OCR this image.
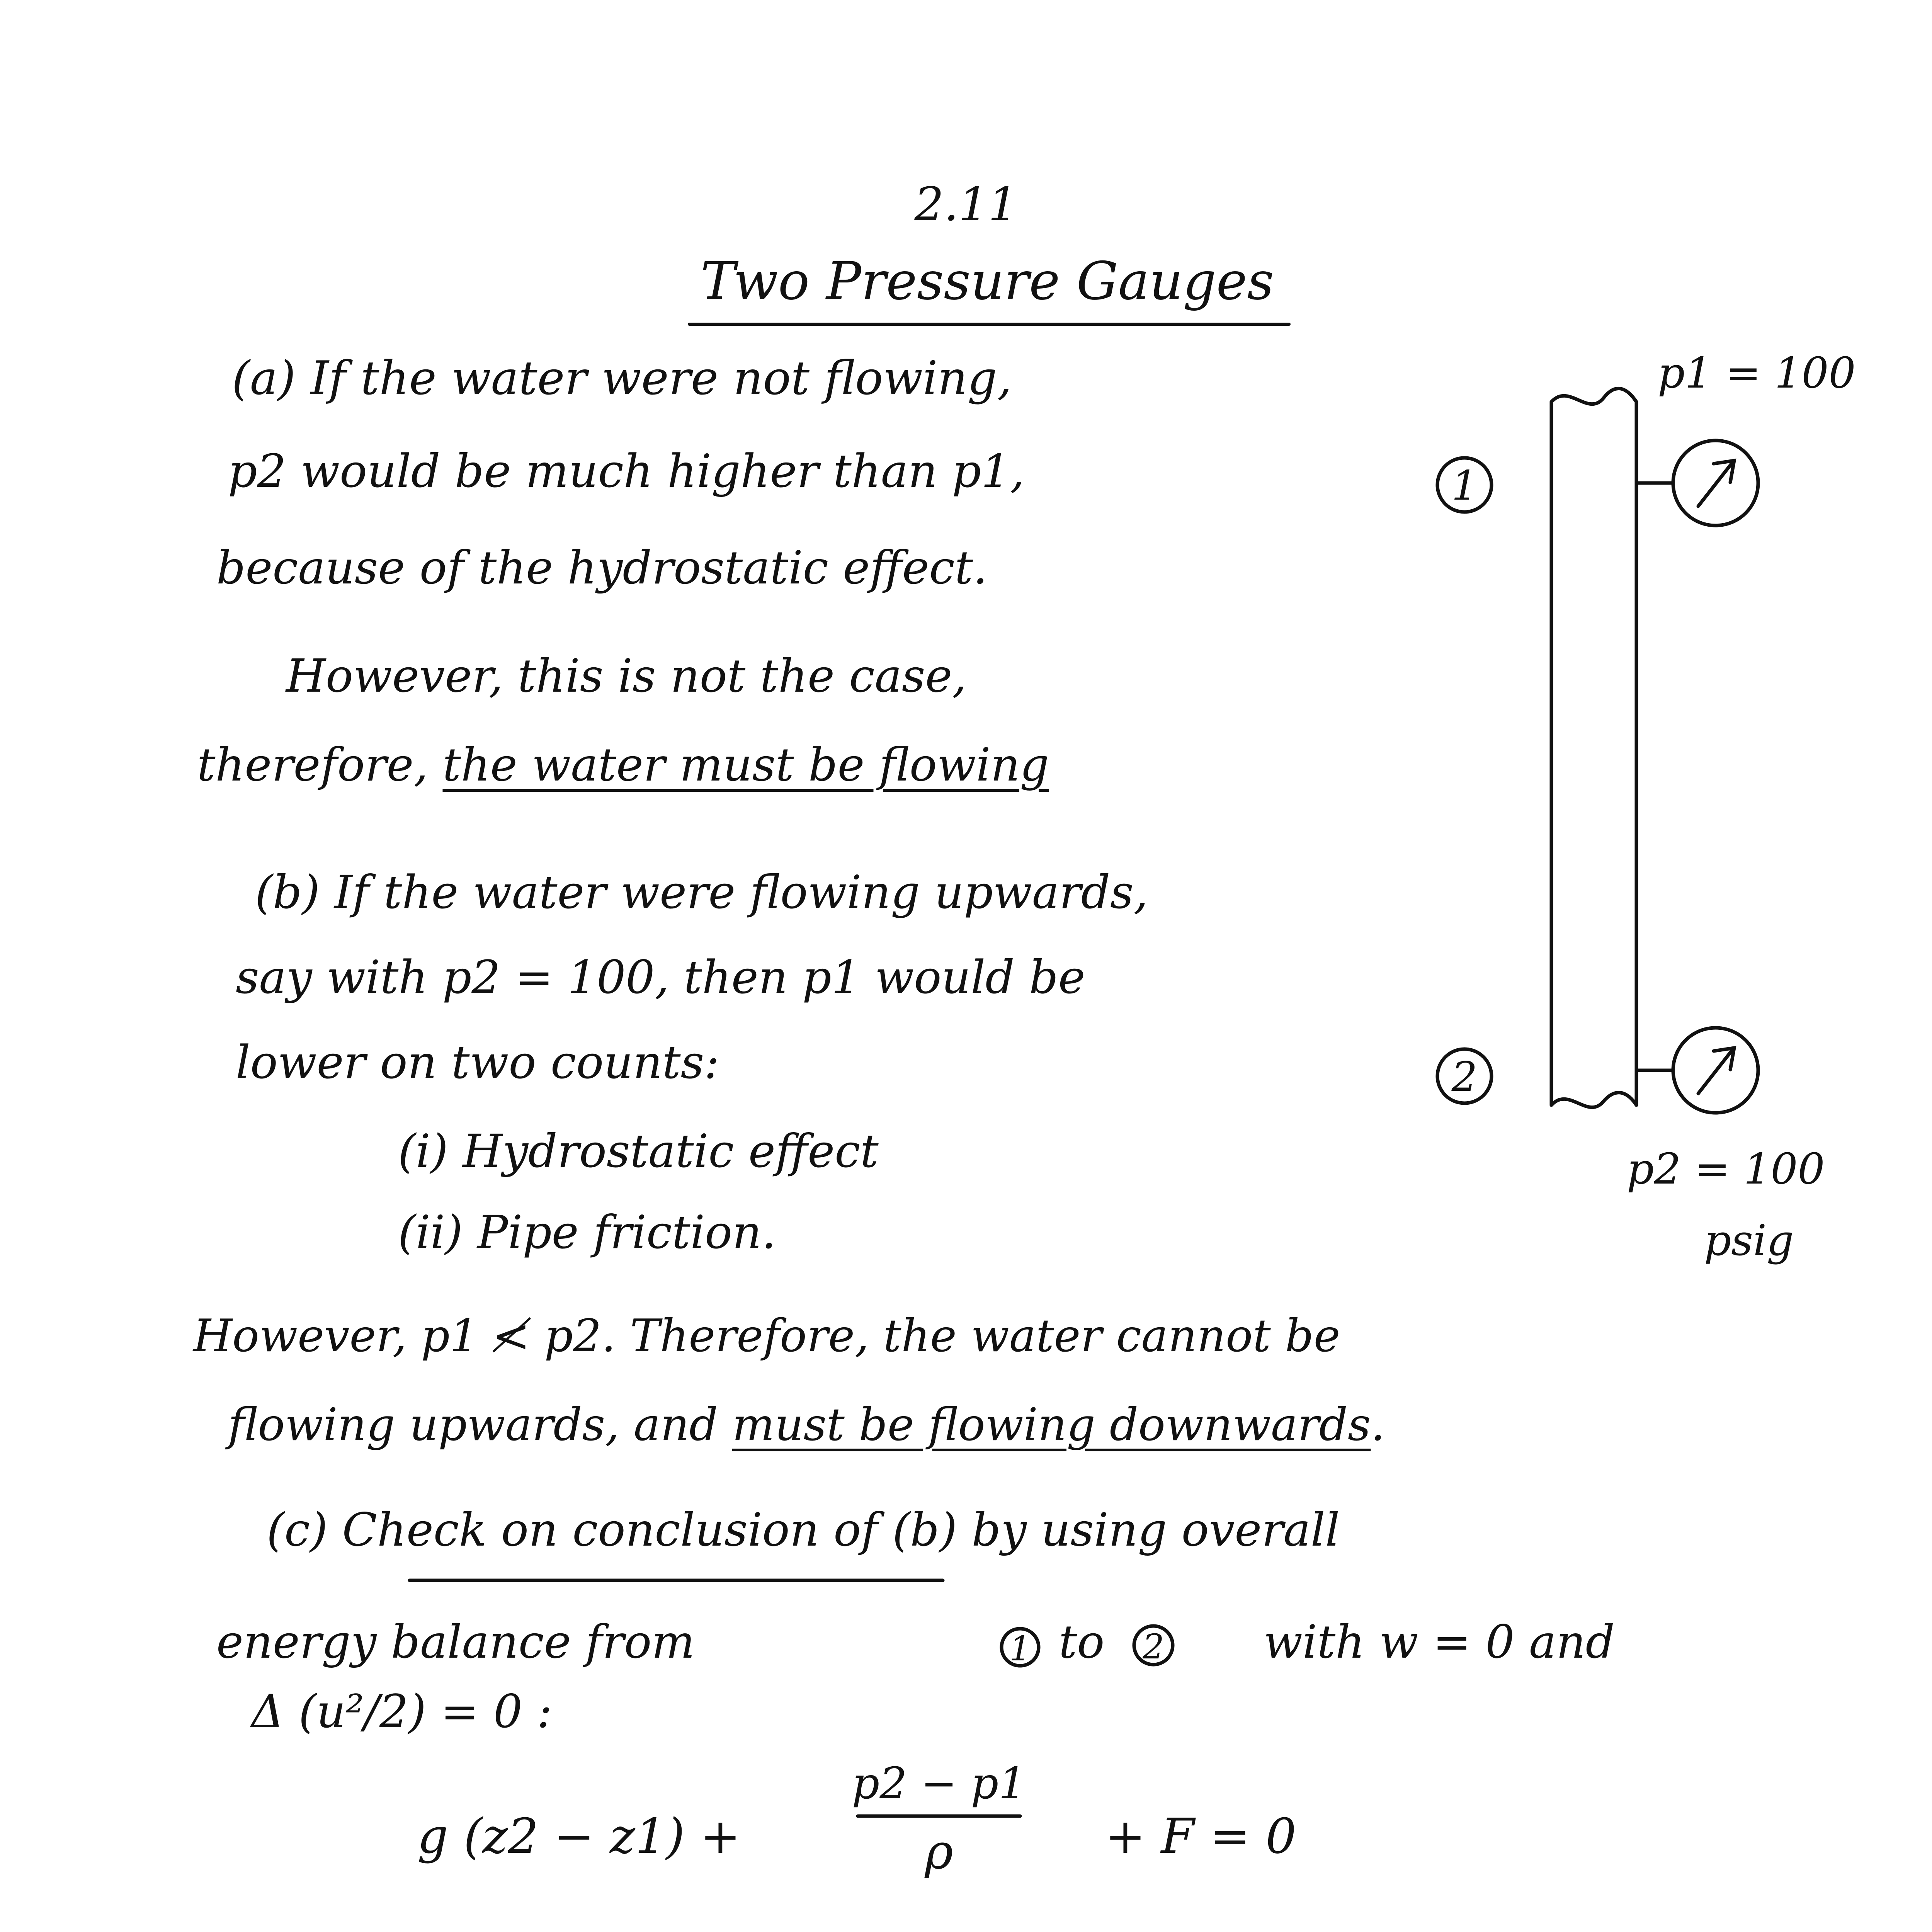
2.11
Two Pressure Gauges
(a) If the water were not flowing,
p2 would be much higher than p1,
because of the hydrostatic effect.
However, this is not the case,
therefore, the water must be flowing
(b) If the water were flowing upwards,
say with p2 = 100, then p1 would be
lower on two counts:
(i) Hydrostatic effect
(ii) Pipe friction.
However, p1 ≮ p2. Therefore, the water cannot be
flowing upwards, and must be flowing downwards.
1
2
1	2
p1 = 100
p2 = 100
psig
(c) Check on conclusion of (b) by using overall
energy balance from	to	with w = 0 and
Δ (u²/2) = 0 :
g (z2 − z1) +
p2 − p1
ρ	+ F = 0
